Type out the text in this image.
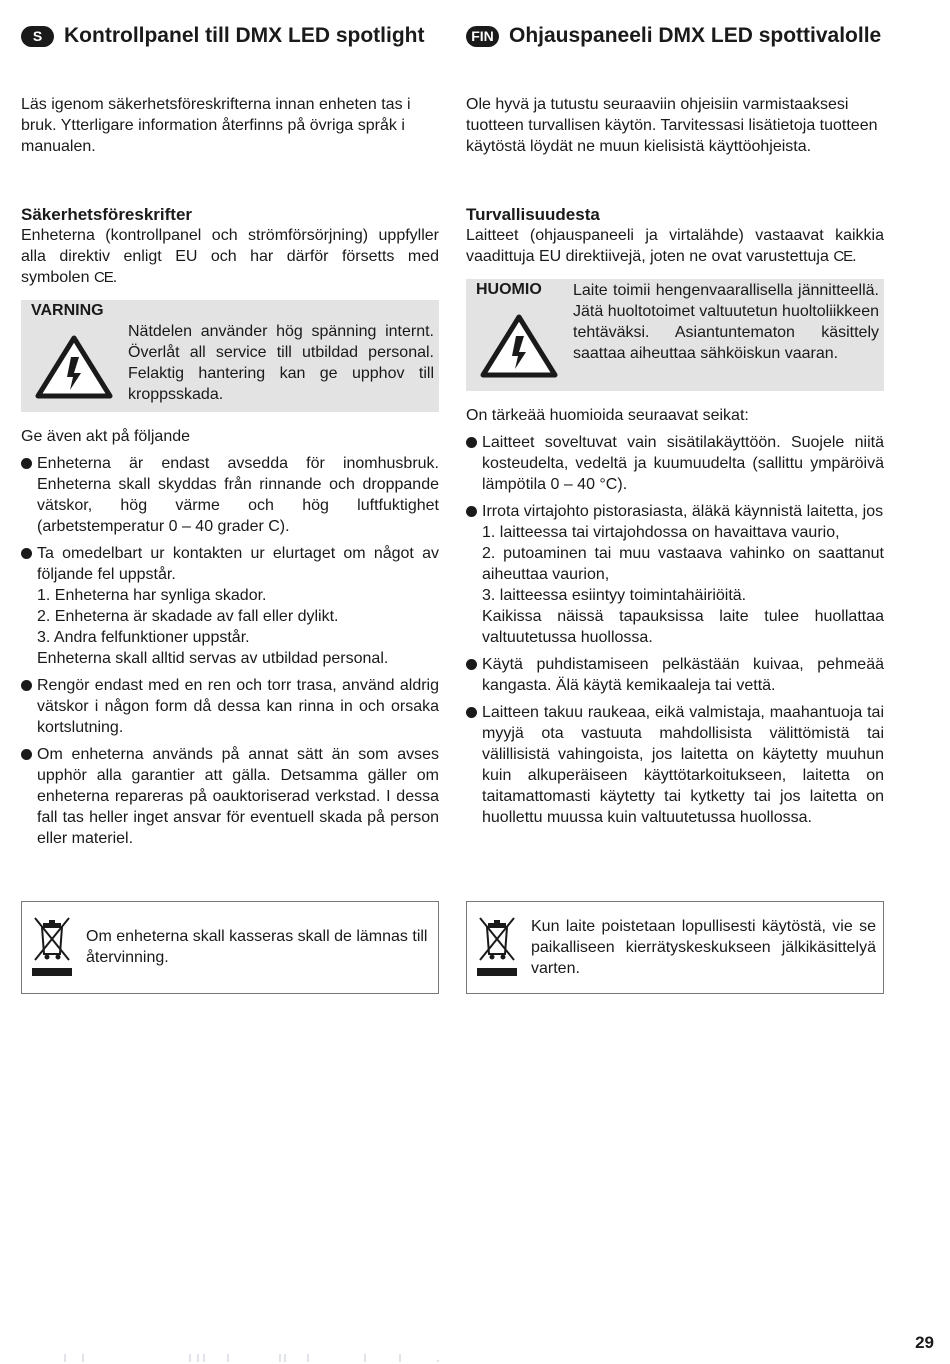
S	Kontrollpanel till DMX LED spotlight
Läs igenom säkerhetsföreskrifterna innan enheten tas i bruk. Ytterligare information återfinns på övriga språk i manualen.
Säkerhetsföreskrifter
Enheterna (kontrollpanel och strömförsörjning) uppfyller alla direktiv enligt EU och har därför försetts med symbolen CE.
VARNING
Nätdelen använder hög spänning internt. Överlåt all service till utbildad personal. Felaktig hantering kan ge upphov till kroppsskada.
Ge även akt på följande
Enheterna är endast avsedda för inomhusbruk. Enheterna skall skyddas från rinnande och droppande vätskor, hög värme och hög luftfuktighet (arbetstemperatur 0 – 40 grader C).
Ta omedelbart ur kontakten ur elurtaget om något av följande fel uppstår.
1. Enheterna har synliga skador.
2. Enheterna är skadade av fall eller dylikt.
3. Andra felfunktioner uppstår.
Enheterna skall alltid servas av utbildad personal.
Rengör endast med en ren och torr trasa, använd aldrig vätskor i någon form då dessa kan rinna in och orsaka kortslutning.
Om enheterna används på annat sätt än som avses upphör alla garantier att gälla. Detsamma gäller om enheterna repareras på oauktoriserad verkstad. I dessa fall tas heller inget ansvar för eventuell skada på person eller materiel.
FIN Ohjauspaneeli DMX LED spottivalolle
Ole hyvä ja tutustu seuraaviin ohjeisiin varmistaaksesi tuotteen turvallisen käytön. Tarvitessasi lisätietoja tuotteen käytöstä löydät ne muun kielisistä käyttöohjeista.
Turvallisuudesta
Laitteet (ohjauspaneeli ja virtalähde) vastaavat kaikkia vaadittuja EU direktiivejä, joten ne ovat varustettuja CE.
HUOMIO Laite toimii hengenvaarallisella jännitteellä. Jätä huoltotoimet valtuutetun huoltoliikkeen tehtäväksi. Asiantuntematon käsittely saattaa aiheuttaa sähköiskun vaaran.
On tärkeää huomioida seuraavat seikat:
Laitteet soveltuvat vain sisätilakäyttöön. Suojele niitä kosteudelta, vedeltä ja kuumuudelta (sallittu ympäröivä lämpötila 0 – 40 °C).
Irrota virtajohto pistorasiasta, äläkä käynnistä laitetta, jos
1. laitteessa tai virtajohdossa on havaittava vaurio,
2. putoaminen tai muu vastaava vahinko on saattanut aiheuttaa vaurion,
3. laitteessa esiintyy toimintahäiriöitä.
Kaikissa näissä tapauksissa laite tulee huollattaa valtuutetussa huollossa.
Käytä puhdistamiseen pelkästään kuivaa, pehmeää kangasta. Älä käytä kemikaaleja tai vettä.
Laitteen takuu raukeaa, eikä valmistaja, maahantuoja tai myyjä ota vastuuta mahdollisista välittömistä tai välillisistä vahingoista, jos laitetta on käytetty muuhun kuin alkuperäiseen käyttötarkoitukseen, laitetta on taitamattomasti käytetty tai kytketty tai jos laitetta on huollettu muussa kuin valtuutetussa huollossa.
Om enheterna skall kasseras skall de lämnas till återvinning.
Kun laite poistetaan lopullisesti käytöstä, vie se paikalliseen kierrätyskeskukseen jälkikäsittelyä varten.
29
